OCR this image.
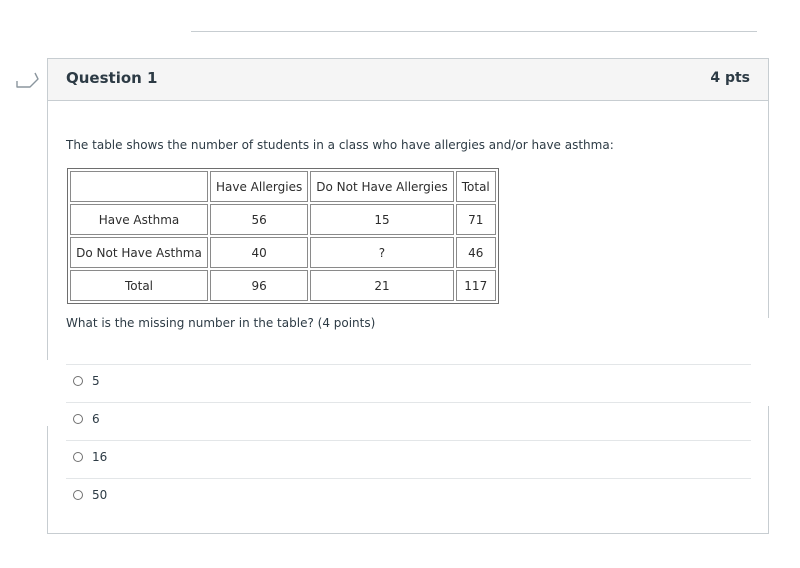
Question 1	4 pts
The table shows the number of students in a class who have allergies and/or have asthma:
	Have Allergies	Do Not Have Allergies	Total
Have Asthma	56	15	71
Do Not Have Asthma	40	?	46
Total	96	21	117
What is the missing number in the table? (4 points)
5
6
16
50
